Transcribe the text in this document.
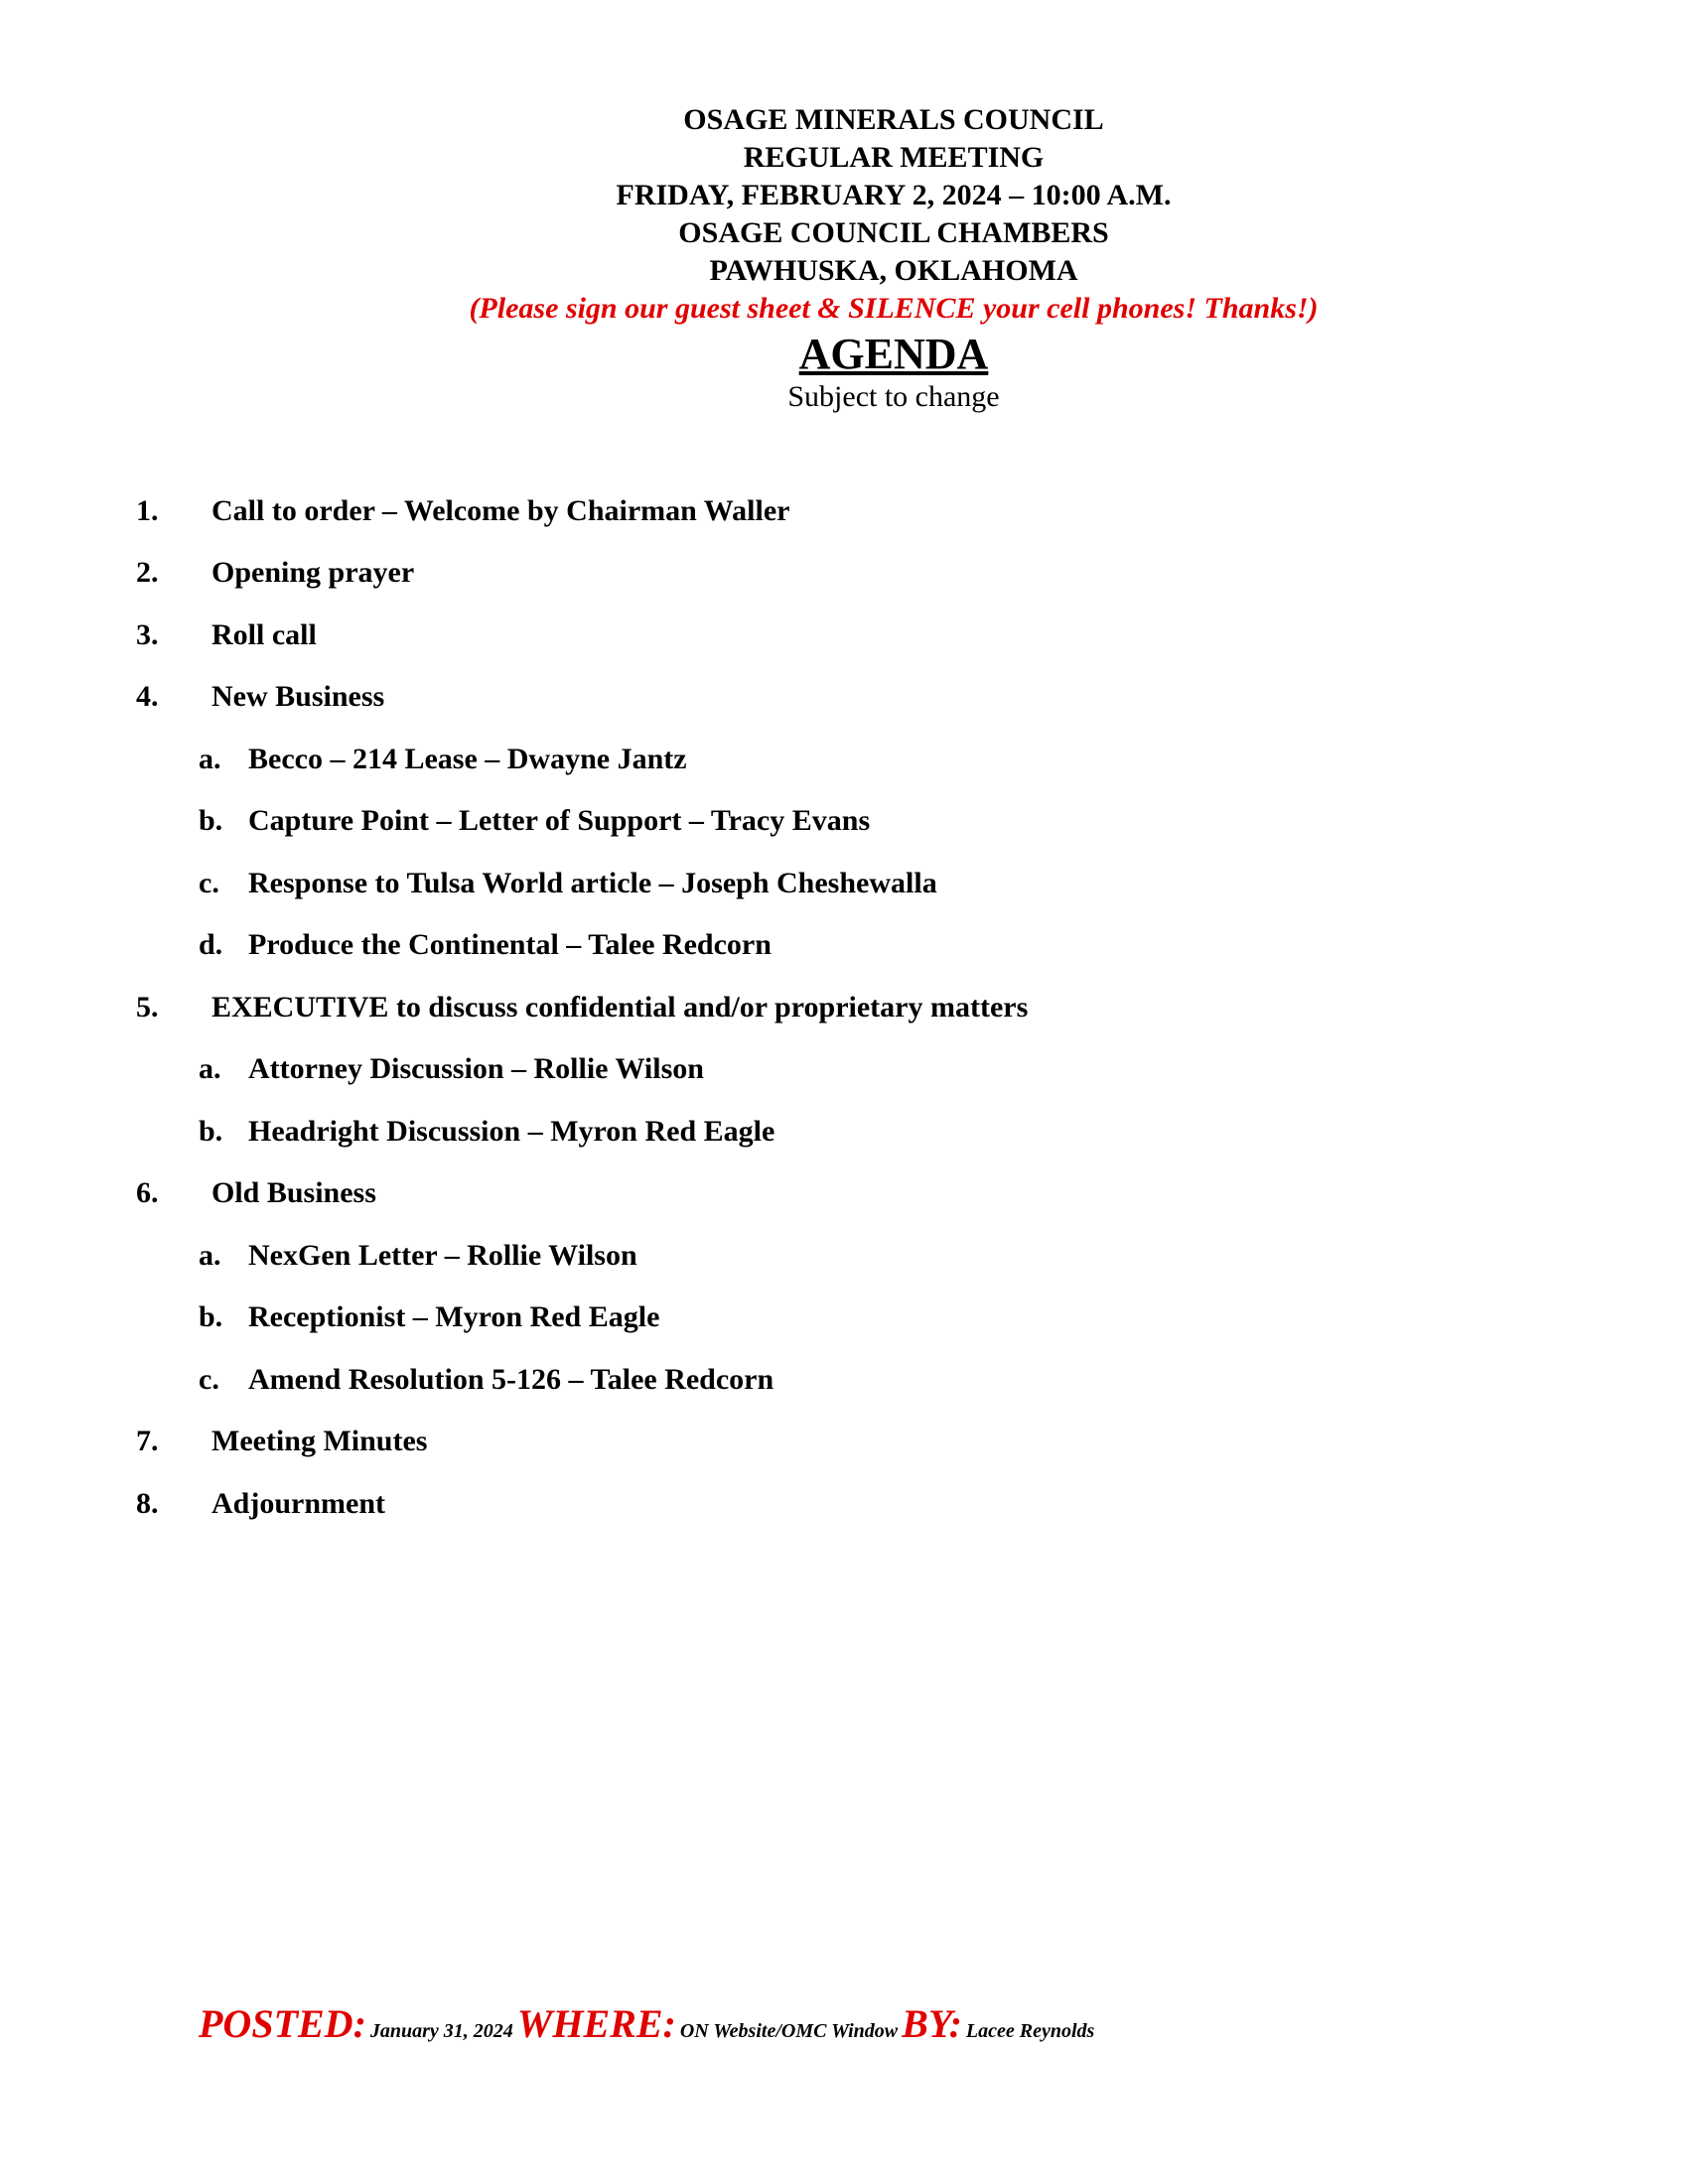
OSAGE MINERALS COUNCIL
REGULAR MEETING
FRIDAY, FEBRUARY 2, 2024 – 10:00 A.M.
OSAGE COUNCIL CHAMBERS
PAWHUSKA, OKLAHOMA
(Please sign our guest sheet & SILENCE your cell phones! Thanks!)
AGENDA
Subject to change
1. Call to order – Welcome by Chairman Waller
2. Opening prayer
3. Roll call
4. New Business
a. Becco – 214 Lease – Dwayne Jantz
b. Capture Point – Letter of Support – Tracy Evans
c. Response to Tulsa World article – Joseph Cheshewalla
d. Produce the Continental – Talee Redcorn
5. EXECUTIVE to discuss confidential and/or proprietary matters
a. Attorney Discussion – Rollie Wilson
b. Headright Discussion – Myron Red Eagle
6. Old Business
a. NexGen Letter – Rollie Wilson
b. Receptionist – Myron Red Eagle
c. Amend Resolution 5-126 – Talee Redcorn
7. Meeting Minutes
8. Adjournment
POSTED: January 31, 2024 WHERE: ON Website/OMC Window BY: Lacee Reynolds
